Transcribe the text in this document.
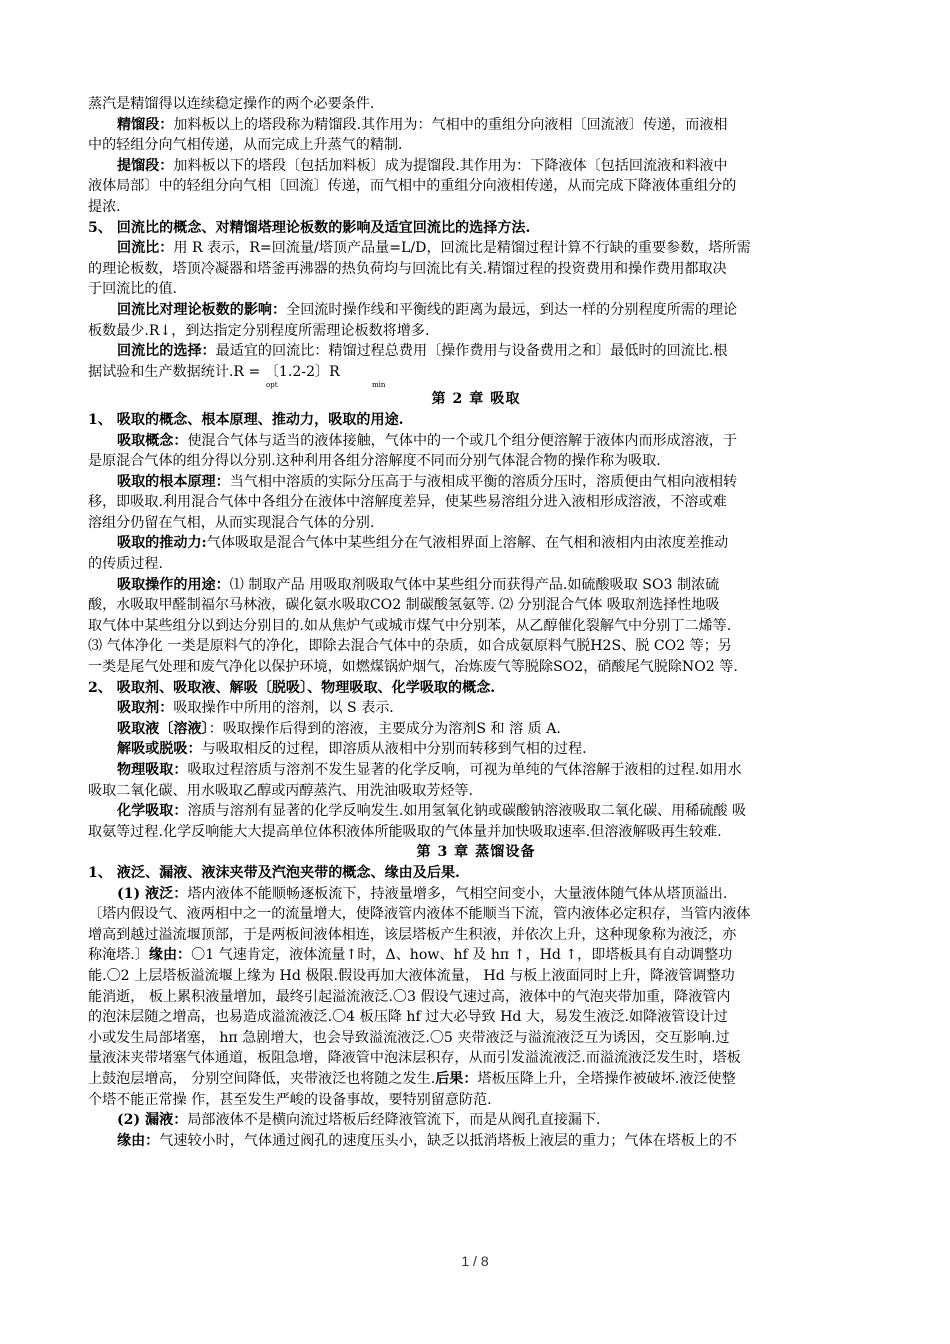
蒸汽是精馏得以连续稳定操作的两个必要条件.
精馏段：加料板以上的塔段称为精馏段.其作用为：气相中的重组分向液相〔回流液〕传递，而液相
中的轻组分向气相传递，从而完成上升蒸气的精制.
提馏段：加料板以下的塔段〔包括加料板〕成为提馏段.其作用为：下降液体〔包括回流液和料液中
液体局部〕中的轻组分向气相〔回流〕传递，而气相中的重组分向液相传递，从而完成下降液体重组分的
提浓.
5、 回流比的概念、对精馏塔理论板数的影响及适宜回流比的选择方法.
回流比：用 R 表示，R=回流量/塔顶产品量=L/D，回流比是精馏过程计算不行缺的重要参数，塔所需
的理论板数，塔顶冷凝器和塔釜再沸器的热负荷均与回流比有关.精馏过程的投资费用和操作费用都取决
于回流比的值.
回流比对理论板数的影响：全回流时操作线和平衡线的距离为最远，到达一样的分别程度所需的理论
板数最少.R↓，到达指定分别程度所需理论板数将增多.
回流比的选择：最适宜的回流比：精馏过程总费用〔操作费用与设备费用之和〕最低时的回流比.根
据试验和生产数据统计.R = 〔1.2-2〕R
opt	min
第 2 章 吸取
1、 吸取的概念、根本原理、推动力，吸取的用途.
吸取概念：使混合气体与适当的液体接触，气体中的一个或几个组分便溶解于液体内而形成溶液，于
是原混合气体的组分得以分别.这种利用各组分溶解度不同而分别气体混合物的操作称为吸取.
吸取的根本原理：当气相中溶质的实际分压高于与液相成平衡的溶质分压时，溶质便由气相向液相转
移，即吸取.利用混合气体中各组分在液体中溶解度差异，使某些易溶组分进入液相形成溶液，不溶或难
溶组分仍留在气相，从而实现混合气体的分别.
吸取的推动力:气体吸取是混合气体中某些组分在气液相界面上溶解、在气相和液相内由浓度差推动
的传质过程.
吸取操作的用途：⑴ 制取产品 用吸取剂吸取气体中某些组分而获得产品.如硫酸吸取 SO3 制浓硫
酸，水吸取甲醛制福尔马林液，碳化氨水吸取CO2 制碳酸氢氨等. ⑵ 分别混合气体 吸取剂选择性地吸
取气体中某些组分以到达分别目的.如从焦炉气或城市煤气中分别苯，从乙醇催化裂解气中分别丁二烯等.
⑶ 气体净化 一类是原料气的净化，即除去混合气体中的杂质，如合成氨原料气脱H2S、脱 CO2 等；另
一类是尾气处理和废气净化以保护环境，如燃煤锅炉烟气，冶炼废气等脱除SO2，硝酸尾气脱除NO2 等.
2、 吸取剂、吸取液、解吸〔脱吸〕、物理吸取、化学吸取的概念.
吸取剂：吸取操作中所用的溶剂，以 S 表示.
吸取液〔溶液〕：吸取操作后得到的溶液，主要成分为溶剂S 和 溶 质 A.
解吸或脱吸：与吸取相反的过程，即溶质从液相中分别而转移到气相的过程.
物理吸取：吸取过程溶质与溶剂不发生显著的化学反响，可视为单纯的气体溶解于液相的过程.如用水
吸取二氧化碳、用水吸取乙醇或丙醇蒸汽、用洗油吸取芳烃等.
化学吸取：溶质与溶剂有显著的化学反响发生.如用氢氧化钠或碳酸钠溶液吸取二氧化碳、用稀硫酸 吸
取氨等过程.化学反响能大大提高单位体积液体所能吸取的气体量并加快吸取速率.但溶液解吸再生较难.
第 3 章 蒸馏设备
1、 液泛、漏液、液沫夹带及汽泡夹带的概念、缘由及后果.
(1) 液泛：塔内液体不能顺畅逐板流下，持液量增多，气相空间变小，大量液体随气体从塔顶溢出.
〔塔内假设气、液两相中之一的流量增大，使降液管内液体不能顺当下流，管内液体必定积存，当管内液体
增高到越过溢流堰顶部，于是两板间液体相连，该层塔板产生积液，并依次上升，这种现象称为液泛，亦
称淹塔.〕缘由：〇1 气速肯定，液体流量↑时，Δ、how、hf 及 hπ ↑，Hd ↑，即塔板具有自动调整功
能.〇2 上层塔板溢流堰上缘为 Hd 极限.假设再加大液体流量， Hd 与板上液面同时上升，降液管调整功
能消逝， 板上累积液量增加，最终引起溢流液泛.〇3 假设气速过高，液体中的气泡夹带加重，降液管内
的泡沫层随之增高，也易造成溢流液泛.〇4 板压降 hf 过大必导致 Hd 大，易发生液泛.如降液管设计过
小或发生局部堵塞， hπ 急剧增大，也会导致溢流液泛.〇5 夹带液泛与溢流液泛互为诱因，交互影响.过
量液沫夹带堵塞气体通道，板阻急增，降液管中泡沫层积存，从而引发溢流液泛.而溢流液泛发生时，塔板
上鼓泡层增高， 分别空间降低，夹带液泛也将随之发生.后果：塔板压降上升，全塔操作被破坏.液泛使整
个塔不能正常操 作，甚至发生严峻的设备事故，要特别留意防范.
(2) 漏液：局部液体不是横向流过塔板后经降液管流下，而是从阀孔直接漏下.
缘由：气速较小时，气体通过阀孔的速度压头小，缺乏以抵消塔板上液层的重力；气体在塔板上的不
1 / 8
